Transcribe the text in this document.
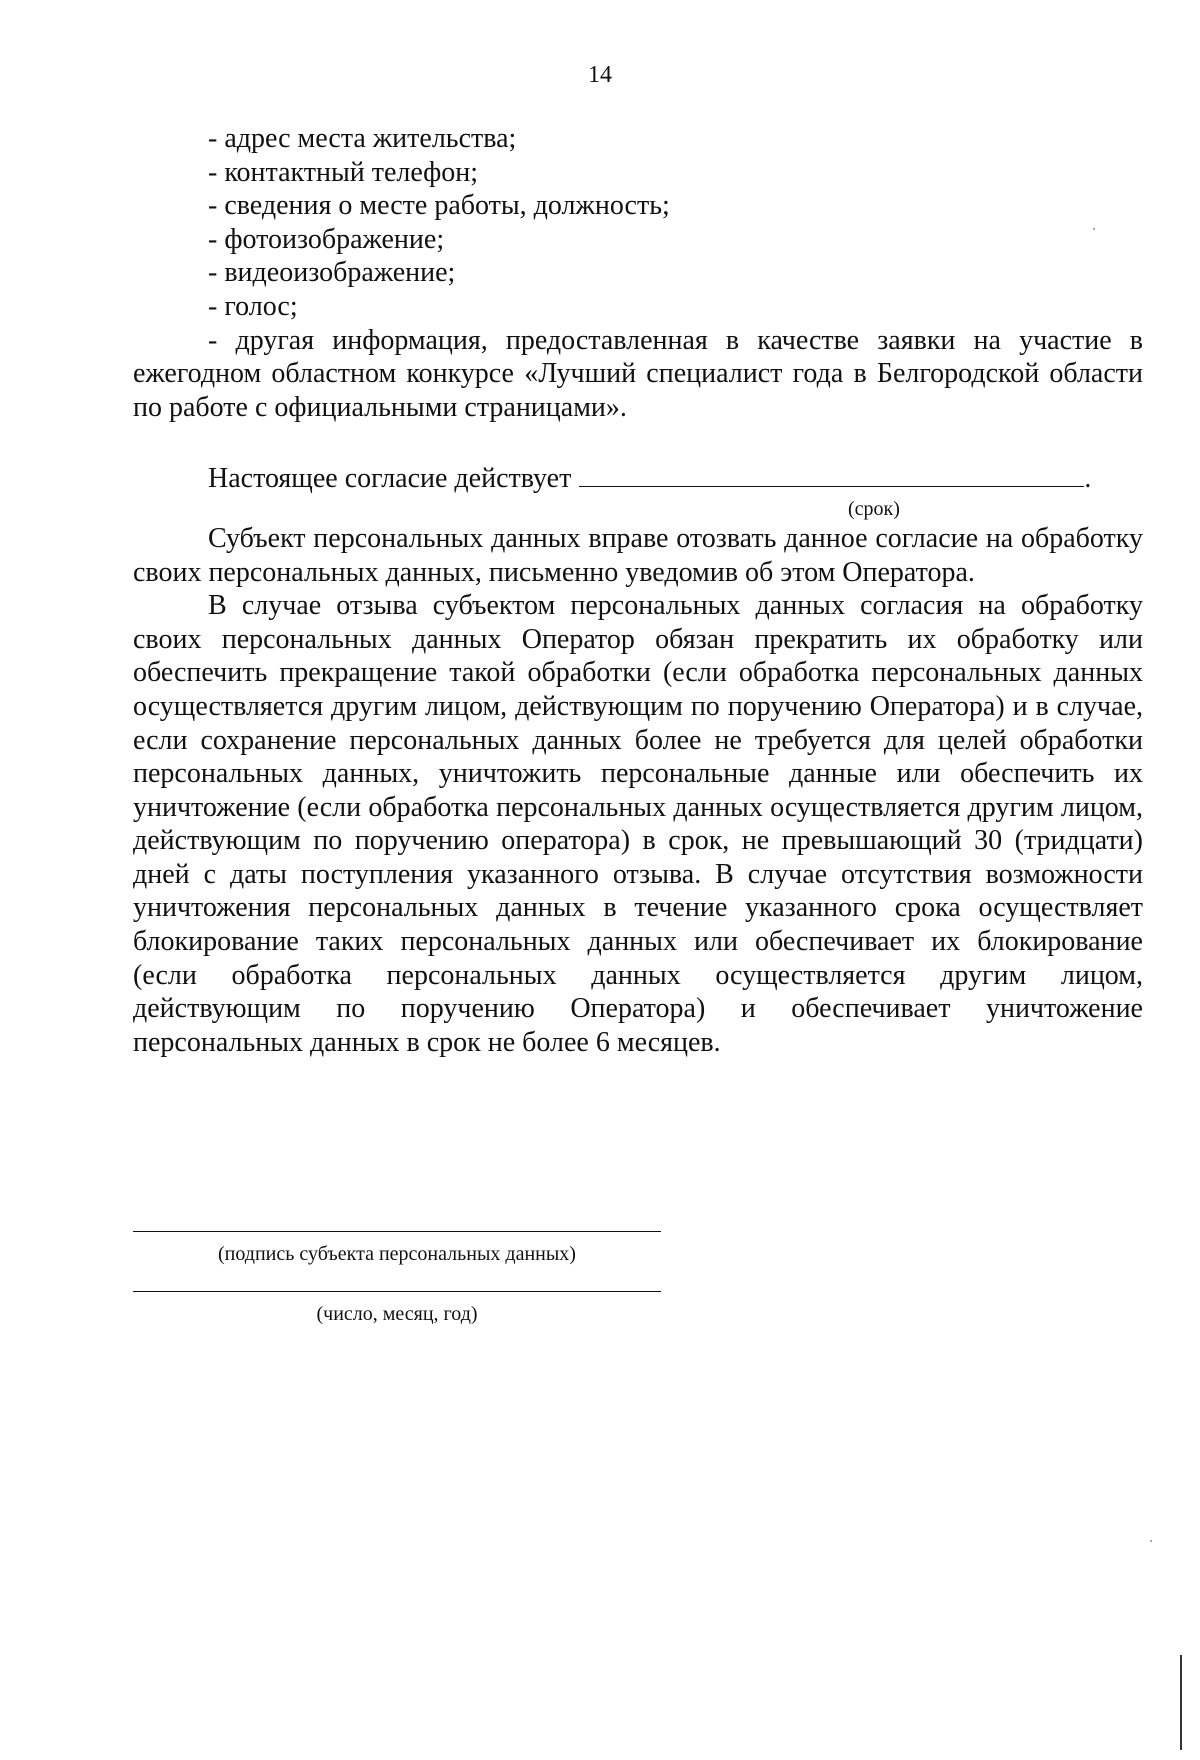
14

- адрес места жительства;

- контактный телефон;

- сведения о месте работы, должность;

- фотоизображение;

- видеоизображение;

- голос;

- другая информация, предоставленная в качестве заявки на участие в ежегодном областном конкурсе «Лучший специалист года в Белгородской области по работе с официальными страницами».

Настоящее согласие действует	.

(срок)

Субъект персональных данных вправе отозвать данное согласие на обработку своих персональных данных, письменно уведомив об этом Оператора.

В случае отзыва субъектом персональных данных согласия на обработку своих персональных данных Оператор обязан прекратить их обработку или обеспечить прекращение такой обработки (если обработка персональных данных осуществляется другим лицом, действующим по поручению Оператора) и в случае, если сохранение персональных данных более не требуется для целей обработки персональных данных, уничтожить персональные данные или обеспечить их уничтожение (если обработка персональных данных осуществляется другим лицом, действующим по поручению оператора) в срок, не превышающий 30 (тридцати) дней с даты поступления указанного отзыва. В случае отсутствия возможности уничтожения персональных данных в течение указанного срока осуществляет блокирование таких персональных данных или обеспечивает их блокирование (если обработка персональных данных осуществляется другим лицом, действующим по поручению Оператора) и обеспечивает уничтожение персональных данных в срок не более 6 месяцев.

(подпись субъекта персональных данных)
(число, месяц, год)
